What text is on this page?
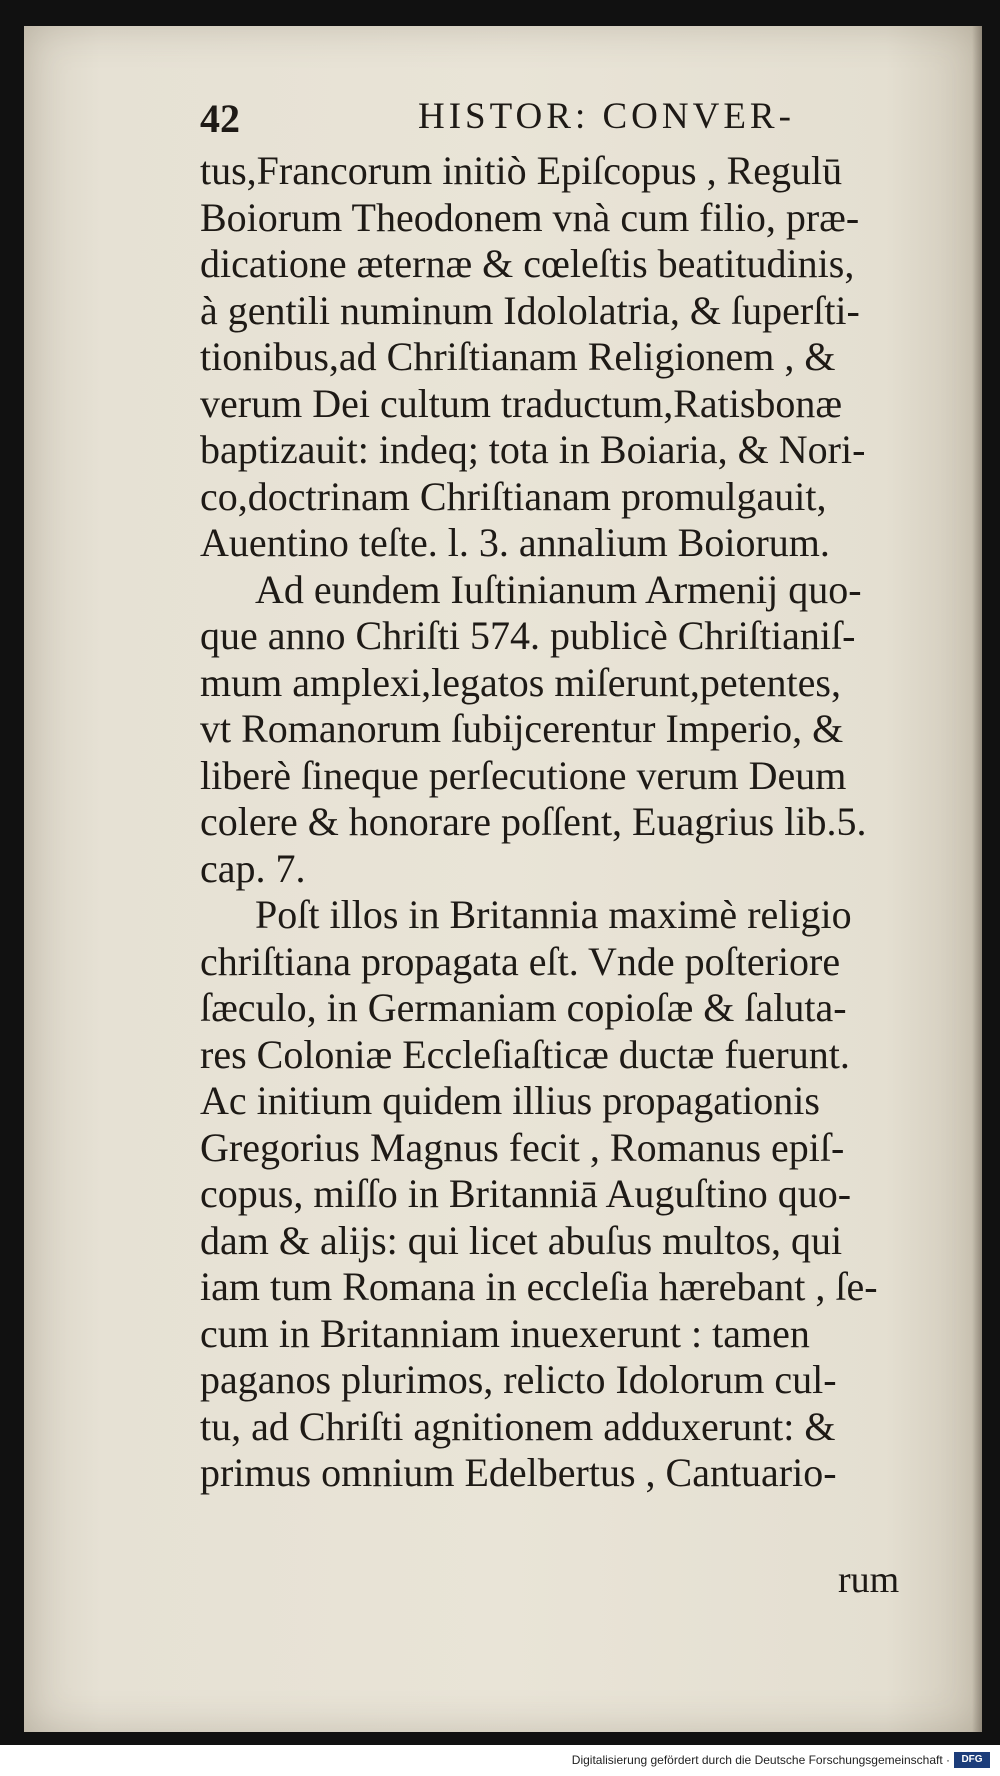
42	HISTOR: CONVER-
tus,Francorum initiò Epiſcopus , Regulū
Boiorum Theodonem vnà cum filio, præ-
dicatione æternæ & cœleſtis beatitudinis,
à gentili numinum Idololatria, & ſuperſti-
tionibus,ad Chriſtianam Religionem , &
verum Dei cultum traductum,Ratisbonæ
baptizauit: indeq; tota in Boiaria, & Nori-
co,doctrinam Chriſtianam promulgauit,
Auentino teſte. l. 3. annalium Boiorum.
Ad eundem Iuſtinianum Armenij quo-
que anno Chriſti 574. publicè Chriſtianiſ-
mum amplexi,legatos miſerunt,petentes,
vt Romanorum ſubijcerentur Imperio, &
liberè ſineque perſecutione verum Deum
colere & honorare poſſent, Euagrius lib.5.
cap. 7.
Poſt illos in Britannia maximè religio
chriſtiana propagata eſt. Vnde poſteriore
ſæculo, in Germaniam copioſæ & ſaluta-
res Coloniæ Eccleſiaſticæ ductæ fuerunt.
Ac initium quidem illius propagationis
Gregorius Magnus fecit , Romanus epiſ-
copus, miſſo in Britanniā Auguſtino quo-
dam & alijs: qui licet abuſus multos, qui
iam tum Romana in eccleſia hærebant , ſe-
cum in Britanniam inuexerunt : tamen
paganos plurimos, relicto Idolorum cul-
tu, ad Chriſti agnitionem adduxerunt: &
primus omnium Edelbertus , Cantuario-
rum
Digitalisierung gefördert durch die Deutsche Forschungsgemeinschaft ·	DFG
